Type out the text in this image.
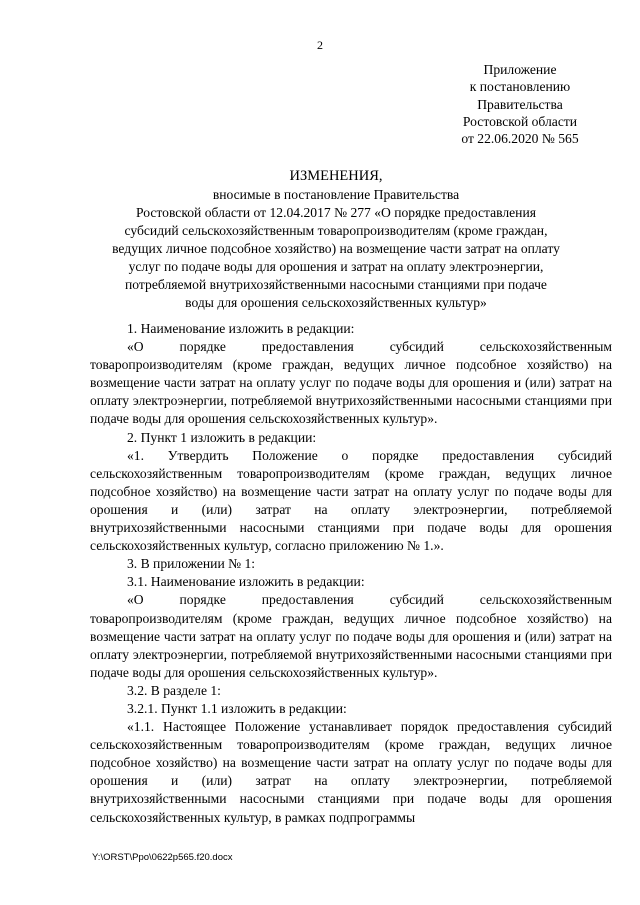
2
Приложение
к постановлению
Правительства
Ростовской области
от 22.06.2020 № 565
ИЗМЕНЕНИЯ,
вносимые в постановление Правительства
Ростовской области от 12.04.2017 № 277 «О порядке предоставления
субсидий сельскохозяйственным товаропроизводителям (кроме граждан,
ведущих личное подсобное хозяйство) на возмещение части затрат на оплату
услуг по подаче воды для орошения и затрат на оплату электроэнергии,
потребляемой внутрихозяйственными насосными станциями при подаче
воды для орошения сельскохозяйственных культур»

1. Наименование изложить в редакции:

«О порядке предоставления субсидий сельскохозяйственным товаропроизводителям (кроме граждан, ведущих личное подсобное хозяйство) на возмещение части затрат на оплату услуг по подаче воды для орошения и (или) затрат на оплату электроэнергии, потребляемой внутрихозяйственными насосными станциями при подаче воды для орошения сельскохозяйственных культур».

2. Пункт 1 изложить в редакции:

«1. Утвердить Положение о порядке предоставления субсидий сельскохозяйственным товаропроизводителям (кроме граждан, ведущих личное подсобное хозяйство) на возмещение части затрат на оплату услуг по подаче воды для орошения и (или) затрат на оплату электроэнергии, потребляемой внутрихозяйственными насосными станциями при подаче воды для орошения сельскохозяйственных культур, согласно приложению № 1.».

3. В приложении № 1:

3.1. Наименование изложить в редакции:

«О порядке предоставления субсидий сельскохозяйственным товаропроизводителям (кроме граждан, ведущих личное подсобное хозяйство) на возмещение части затрат на оплату услуг по подаче воды для орошения и (или) затрат на оплату электроэнергии, потребляемой внутрихозяйственными насосными станциями при подаче воды для орошения сельскохозяйственных культур».

3.2. В разделе 1:

3.2.1. Пункт 1.1 изложить в редакции:

«1.1. Настоящее Положение устанавливает порядок предоставления субсидий сельскохозяйственным товаропроизводителям (кроме граждан, ведущих личное подсобное хозяйство) на возмещение части затрат на оплату услуг по подаче воды для орошения и (или) затрат на оплату электроэнергии, потребляемой внутрихозяйственными насосными станциями при подаче воды для орошения сельскохозяйственных культур, в рамках подпрограммы

Y:\ORST\Ppo\0622p565.f20.docx
